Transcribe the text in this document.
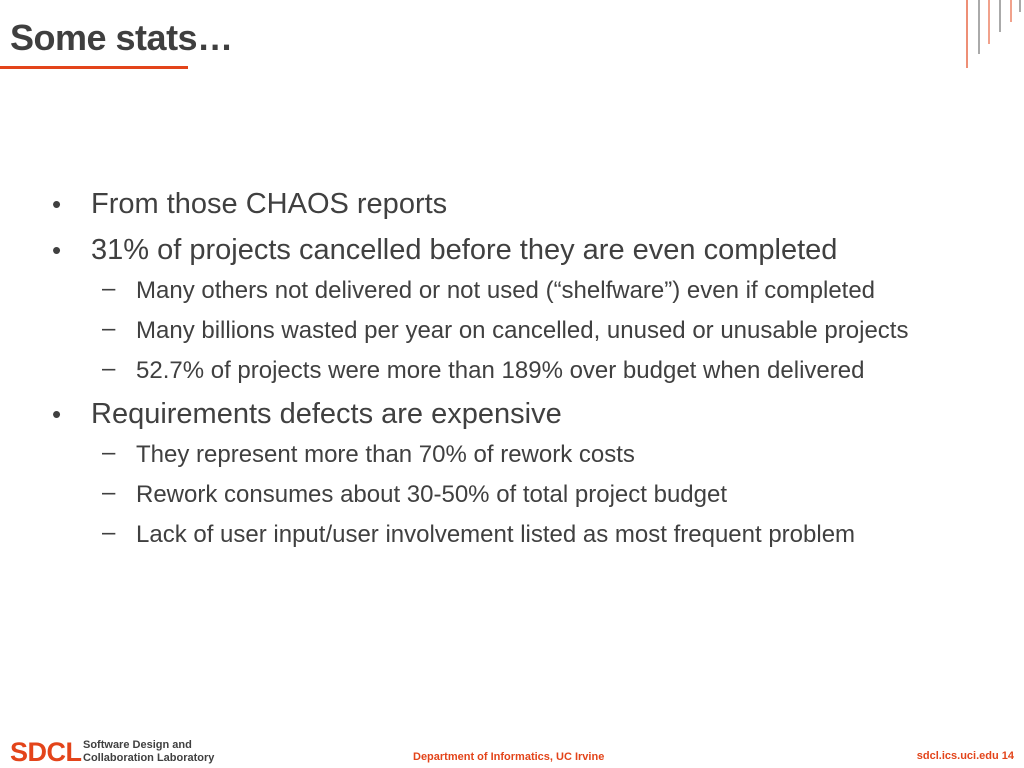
Some stats…
• From those CHAOS reports
• 31% of projects cancelled before they are even completed
– Many others not delivered or not used (“shelfware”) even if completed
– Many billions wasted per year on cancelled, unused or unusable projects
– 52.7% of projects were more than 189% over budget when delivered
• Requirements defects are expensive
– They represent more than 70% of rework costs
– Rework consumes about 30-50% of total project budget
– Lack of user input/user involvement listed as most frequent problem
SDCL Software Design and
Collaboration Laboratory	Department of Informatics, UC Irvine	sdcl.ics.uci.edu 14
